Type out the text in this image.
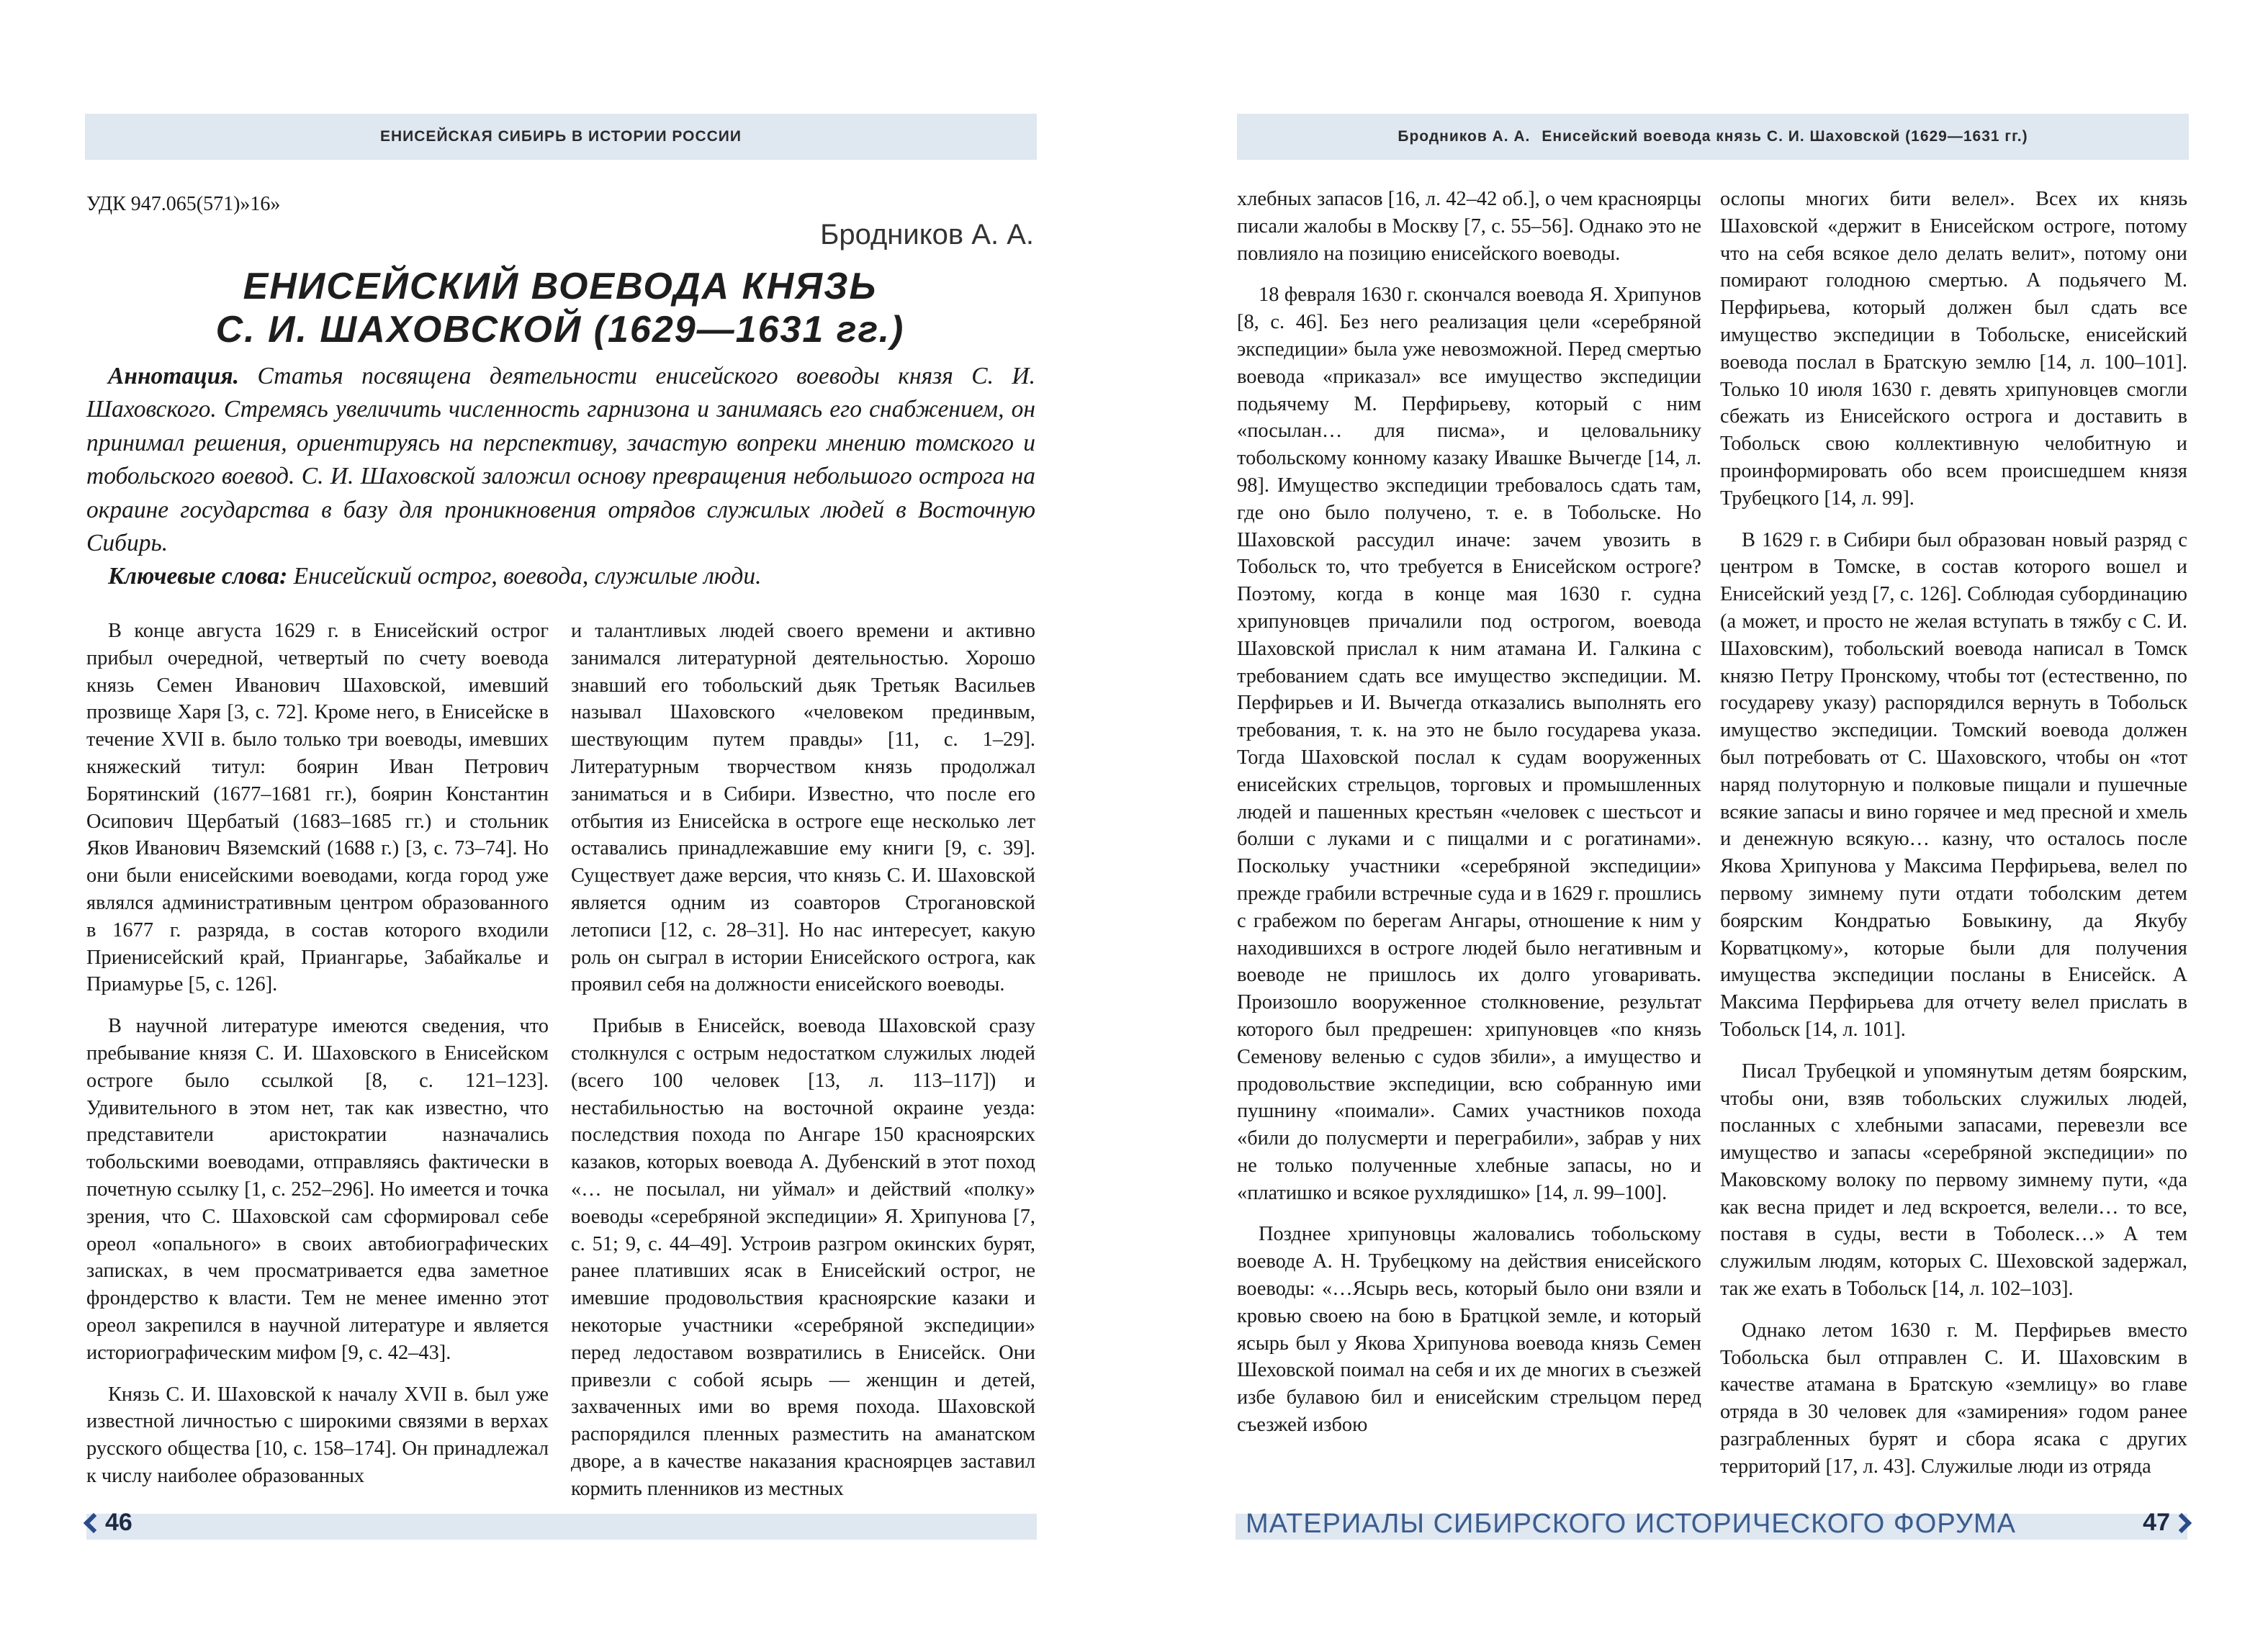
ЕНИСЕЙСКАЯ СИБИРЬ В ИСТОРИИ РОССИИ	Бродников А. А. Енисейский воевода князь С. И. Шаховской (1629—1631 гг.)
УДК 947.065(571)»16»
Бродников А. А.
ЕНИСЕЙСКИЙ ВОЕВОДА КНЯЗЬ
С. И. ШАХОВСКОЙ (1629—1631 гг.)

Аннотация. Статья посвящена деятельности енисейского воеводы князя С. И. Шаховского. Стремясь увеличить численность гарнизона и занимаясь его снабжением, он принимал решения, ориентируясь на перспективу, зачастую вопреки мнению томского и тобольского воевод. С. И. Шаховской заложил основу превращения небольшого острога на окраине государства в базу для проникновения отрядов служилых людей в Восточную Сибирь.

Ключевые слова: Енисейский острог, воевода, служилые люди.

В конце августа 1629 г. в Енисейский острог прибыл очередной, четвертый по счету воевода князь Семен Иванович Шаховской, имевший прозвище Харя [3, с. 72]. Кроме него, в Енисейске в течение XVII в. было только три воеводы, имевших княжеский титул: боярин Иван Петрович Борятинский (1677–1681 гг.), боярин Константин Осипович Щербатый (1683–1685 гг.) и стольник Яков Иванович Вяземский (1688 г.) [3, с. 73–74]. Но они были енисейскими воеводами, когда город уже являлся административным центром образованного в 1677 г. разряда, в состав которого входили Приенисейский край, Приангарье, Забайкалье и Приамурье [5, с. 126].

В научной литературе имеются сведения, что пребывание князя С. И. Шаховского в Енисейском остроге было ссылкой [8, с. 121–123]. Удивительного в этом нет, так как известно, что представители аристократии назначались тобольскими воеводами, отправляясь фактически в почетную ссылку [1, с. 252–296]. Но имеется и точка зрения, что С. Шаховской сам сформировал себе ореол «опального» в своих автобиографических записках, в чем просматривается едва заметное фрондерство к власти. Тем не менее именно этот ореол закрепился в научной литературе и является историографическим мифом [9, с. 42–43].

Князь С. И. Шаховской к началу XVII в. был уже известной личностью с широкими связями в верхах русского общества [10, с. 158–174]. Он принадлежал к числу наиболее образованных

и талантливых людей своего времени и активно занимался литературной деятельностью. Хорошо знавший его тобольский дьяк Третьяк Васильев называл Шаховского «человеком прединвым, шествующим путем правды» [11, с. 1–29]. Литературным творчеством князь продолжал заниматься и в Сибири. Известно, что после его отбытия из Енисейска в остроге еще несколько лет оставались принадлежавшие ему книги [9, с. 39]. Существует даже версия, что князь С. И. Шаховской является одним из соавторов Строгановской летописи [12, с. 28–31]. Но нас интересует, какую роль он сыграл в истории Енисейского острога, как проявил себя на должности енисейского воеводы.

Прибыв в Енисейск, воевода Шаховской сразу столкнулся с острым недостатком служилых людей (всего 100 человек [13, л. 113–117]) и нестабильностью на восточной окраине уезда: последствия похода по Ангаре 150 красноярских казаков, которых воевода А. Дубенский в этот поход «… не посылал, ни уймал» и действий «полку» воеводы «серебряной экспедиции» Я. Хрипунова [7, с. 51; 9, с. 44–49]. Устроив разгром окинских бурят, ранее плативших ясак в Енисейский острог, не имевшие продовольствия красноярские казаки и некоторые участники «серебряной экспедиции» перед ледоставом возвратились в Енисейск. Они привезли с собой ясырь — женщин и детей, захваченных ими во время похода. Шаховской распорядился пленных разместить на аманатском дворе, а в качестве наказания красноярцев заставил кормить пленников из местных

хлебных запасов [16, л. 42–42 об.], о чем красноярцы писали жалобы в Москву [7, с. 55–56]. Однако это не повлияло на позицию енисейского воеводы.

18 февраля 1630 г. скончался воевода Я. Хрипунов [8, с. 46]. Без него реализация цели «серебряной экспедиции» была уже невозможной. Перед смертью воевода «приказал» все имущество экспедиции подьячему М. Перфирьеву, который с ним «посылан… для писма», и целовальнику тобольскому конному казаку Ивашке Вычегде [14, л. 98]. Имущество экспедиции требовалось сдать там, где оно было получено, т. е. в Тобольске. Но Шаховской рассудил иначе: зачем увозить в Тобольск то, что требуется в Енисейском остроге? Поэтому, когда в конце мая 1630 г. судна хрипуновцев причалили под острогом, воевода Шаховской прислал к ним атамана И. Галкина с требованием сдать все имущество экспедиции. М. Перфирьев и И. Вычегда отказались выполнять его требования, т. к. на это не было государева указа. Тогда Шаховской послал к судам вооруженных енисейских стрельцов, торговых и промышленных людей и пашенных крестьян «человек с шестьсот и болши с луками и с пищалми и с рогатинами». Поскольку участники «серебряной экспедиции» прежде грабили встречные суда и в 1629 г. прошлись с грабежом по берегам Ангары, отношение к ним у находившихся в остроге людей было негативным и воеводе не пришлось их долго уговаривать. Произошло вооруженное столкновение, результат которого был предрешен: хрипуновцев «по князь Семенову веленью с судов збили», а имущество и продовольствие экспедиции, всю собранную ими пушнину «поимали». Самих участников похода «били до полусмерти и переграбили», забрав у них не только полученные хлебные запасы, но и «платишко и всякое рухлядишко» [14, л. 99–100].

Позднее хрипуновцы жаловались тобольскому воеводе А. Н. Трубецкому на действия енисейского воеводы: «…Ясырь весь, который было они взяли и кровью своею на бою в Братцкой земле, и который ясырь был у Якова Хрипунова воевода князь Семен Шеховской поимал на себя и их де многих в съезжей избе булавою бил и енисейским стрельцом перед съезжей избою

ослопы многих бити велел». Всех их князь Шаховской «держит в Енисейском остроге, потому что на себя всякое дело делать велит», потому они помирают голодною смертью. А подьячего М. Перфирьева, который должен был сдать все имущество экспедиции в Тобольске, енисейский воевода послал в Братскую землю [14, л. 100–101]. Только 10 июля 1630 г. девять хрипуновцев смогли сбежать из Енисейского острога и доставить в Тобольск свою коллективную челобитную и проинформировать обо всем происшедшем князя Трубецкого [14, л. 99].

В 1629 г. в Сибири был образован новый разряд с центром в Томске, в состав которого вошел и Енисейский уезд [7, с. 126]. Соблюдая субординацию (а может, и просто не желая вступать в тяжбу с С. И. Шаховским), тобольский воевода написал в Томск князю Петру Пронскому, чтобы тот (естественно, по государеву указу) распорядился вернуть в Тобольск имущество экспедиции. Томский воевода должен был потребовать от С. Шаховского, чтобы он «тот наряд полуторную и полковые пищали и пушечные всякие запасы и вино горячее и мед пресной и хмель и денежную всякую… казну, что осталось после Якова Хрипунова у Максима Перфирьева, велел по первому зимнему пути отдати тоболским детем боярским Кондратью Бовыкину, да Якубу Корватцкому», которые были для получения имущества экспедиции посланы в Енисейск. А Максима Перфирьева для отчету велел прислать в Тобольск [14, л. 101].

Писал Трубецкой и упомянутым детям боярским, чтобы они, взяв тобольских служилых людей, посланных с хлебными запасами, перевезли все имущество и запасы «серебряной экспедиции» по Маковскому волоку по первому зимнему пути, «да как весна придет и лед вскроется, велели… то все, поставя в суды, вести в Тоболеск…» А тем служилым людям, которых С. Шеховской задержал, так же ехать в Тобольск [14, л. 102–103].

Однако летом 1630 г. М. Перфирьев вместо Тобольска был отправлен С. И. Шаховским в качестве атамана в Братскую «землицу» во главе отряда в 30 человек для «замирения» годом ранее разграбленных бурят и сбора ясака с других территорий [17, л. 43]. Служилые люди из отряда

46	МАТЕРИАЛЫ СИБИРСКОГО ИСТОРИЧЕСКОГО ФОРУМА	47
